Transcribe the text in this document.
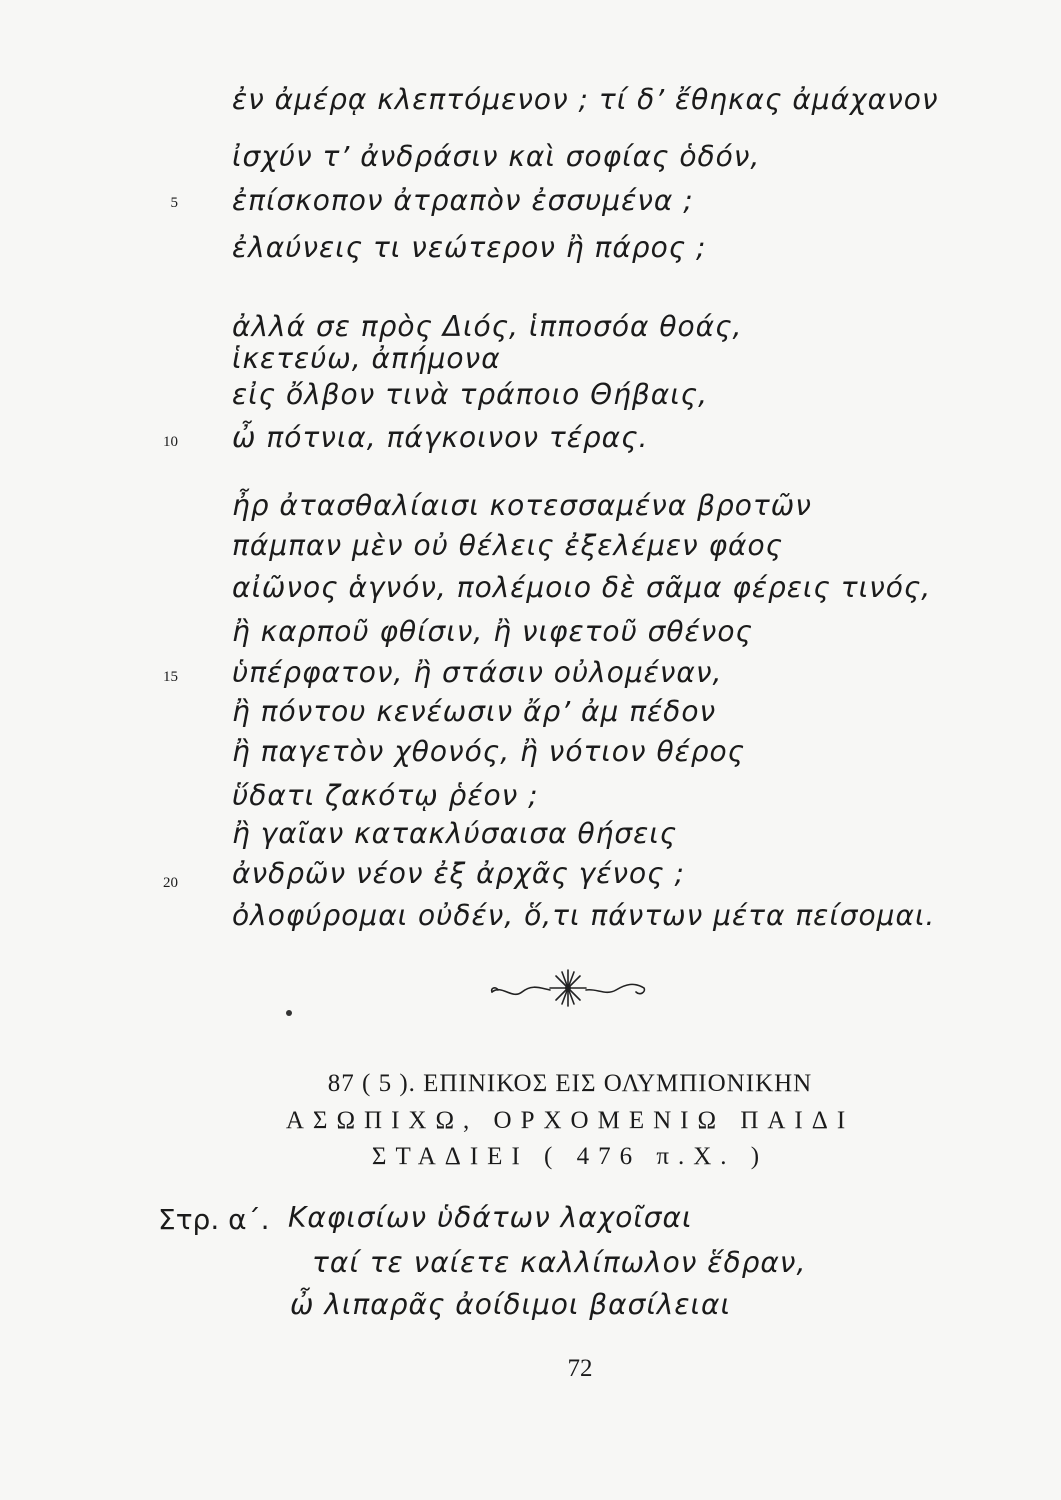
ἐν ἀμέρᾳ κλεπτόμενον ; τί δ’ ἔθηκας ἀμάχανον
ἰσχύν τ’ ἀνδράσιν καὶ σοφίας ὁδόν,
ἐπίσκοπον ἀτραπὸν ἐσσυμένα ;
ἐλαύνεις τι νεώτερον ἢ πάρος ;
ἀλλά σε πρὸς Διός, ἱπποσόα θοάς,
ἱκετεύω, ἀπήμονα
εἰς ὄλβον τινὰ τράποιο Θήβαις,
ὦ πότνια, πάγκοινον τέρας.
ἦρ ἀτασθαλίαισι κοτεσσαμένα βροτῶν
πάμπαν μὲν οὐ θέλεις ἐξελέμεν φάος
αἰῶνος ἁγνόν, πολέμοιο δὲ σᾶμα φέρεις τινός,
ἢ καρποῦ φθίσιν, ἢ νιφετοῦ σθένος
ὑπέρφατον, ἢ στάσιν οὐλομέναν,
ἢ πόντου κενέωσιν ἄρ’ ἀμ πέδον
ἢ παγετὸν χθονός, ἢ νότιον θέρος
ὕδατι ζακότῳ ῥέον ;
ἢ γαῖαν κατακλύσαισα θήσεις
ἀνδρῶν νέον ἐξ ἀρχᾶς γένος ;
ὀλοφύρομαι οὐδέν, ὅ,τι πάντων μέτα πείσομαι.
5
10
15
20
87 ( 5 ). ΕΠΙΝΙΚΟΣ ΕΙΣ ΟΛΥΜΠΙΟΝΙΚΗΝ
ΑΣΩΠΙΧΩ, ΟΡΧΟΜΕΝΙΩ ΠΑΙΔΙ
ΣΤΑΔΙΕΙ ( 476 π.Χ. )
Στρ. α΄. Καφισίων ὑδάτων λαχοῖσαι
ταί τε ναίετε καλλίπωλον ἕδραν,
ὦ λιπαρᾶς ἀοίδιμοι βασίλειαι
72
